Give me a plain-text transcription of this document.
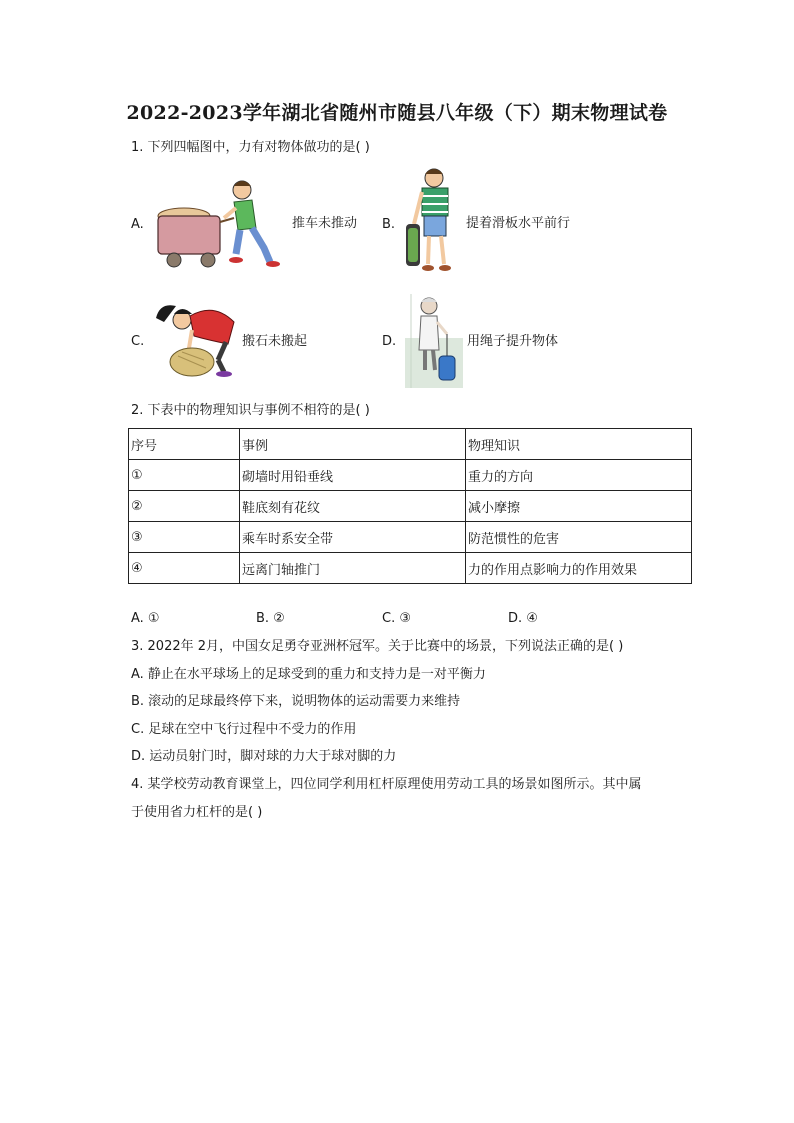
2022-2023学年湖北省随州市随县八年级（下）期末物理试卷
1. 下列四幅图中，力有对物体做功的是( )
A.	推车未推动 B.	提着滑板水平前行
C.	搬石未搬起	D.	用绳子提升物体
2. 下表中的物理知识与事例不相符的是( )
序号	事例	物理知识
①	砌墙时用铅垂线	重力的方向
②	鞋底刻有花纹	减小摩擦
③	乘车时系安全带	防范惯性的危害
④	远离门轴推门	力的作用点影响力的作用效果
A. ①	B. ②	C. ③	D. ④
3. 2022年 2月，中国女足勇夺亚洲杯冠军。关于比赛中的场景，下列说法正确的是( )
A. 静止在水平球场上的足球受到的重力和支持力是一对平衡力
B. 滚动的足球最终停下来，说明物体的运动需要力来维持
C. 足球在空中飞行过程中不受力的作用
D. 运动员射门时，脚对球的力大于球对脚的力
4. 某学校劳动教育课堂上，四位同学利用杠杆原理使用劳动工具的场景如图所示。其中属
于使用省力杠杆的是( )
